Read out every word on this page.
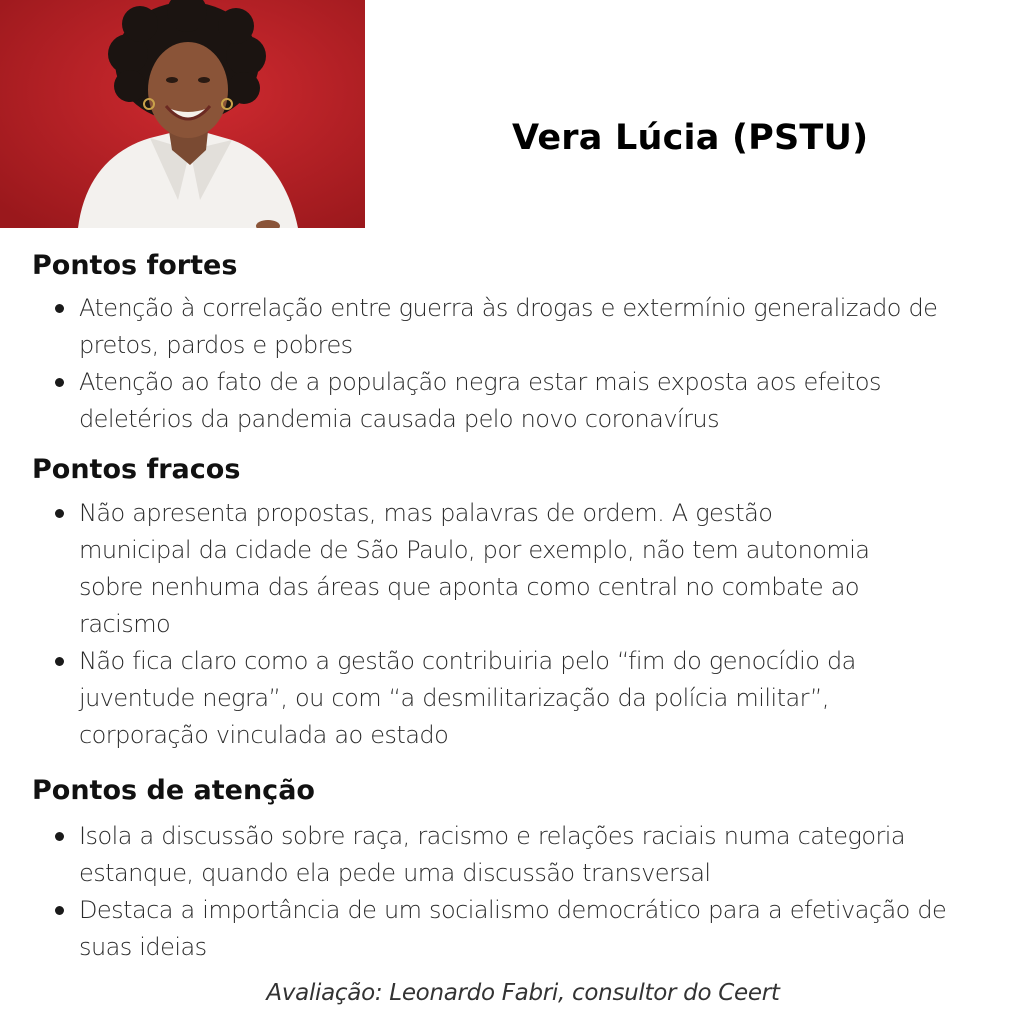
Vera Lúcia (PSTU)
Pontos fortes
Atenção à correlação entre guerra às drogas e extermínio generalizado de pretos, pardos e pobres
Atenção ao fato de a população negra estar mais exposta aos efeitos deletérios da pandemia causada pelo novo coronavírus
Pontos fracos
Não apresenta propostas, mas palavras de ordem. A gestão municipal da cidade de São Paulo, por exemplo, não tem autonomia sobre nenhuma das áreas que aponta como central no combate ao racismo
Não fica claro como a gestão contribuiria pelo “fim do genocídio da juventude negra”, ou com “a desmilitarização da polícia militar”, corporação vinculada ao estado
Pontos de atenção
Isola a discussão sobre raça, racismo e relações raciais numa categoria estanque, quando ela pede uma discussão transversal
Destaca a importância de um socialismo democrático para a efetivação de suas ideias

Avaliação: Leonardo Fabri, consultor do Ceert
